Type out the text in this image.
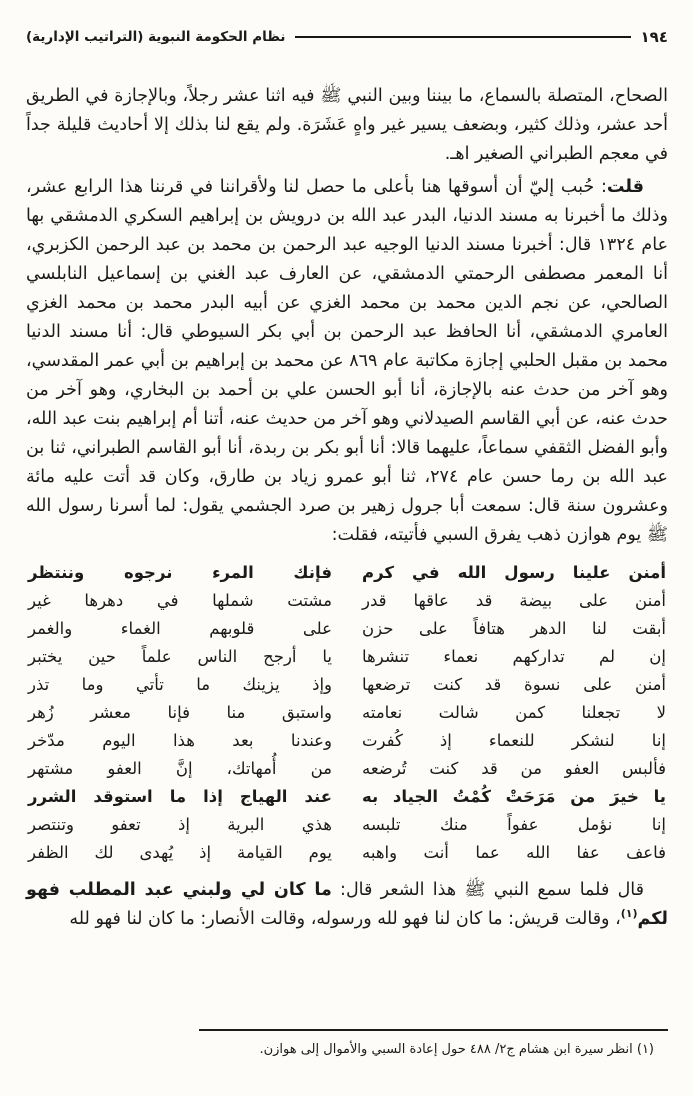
١٩٤
نظام الحكومة النبوية (التراتيب الإدارية)

الصحاح، المتصلة بالسماع، ما بيننا وبين النبي ﷺ فيه اثنا عشر رجلاً، وبالإجازة في الطريق أحد عشر، وذلك كثير، وبضعف يسير غير واهٍ عَشَرَة. ولم يقع لنا بذلك إلا أحاديث قليلة جداً في معجم الطبراني الصغير اهـ.

قلت: حُبب إليّ أن أسوقها هنا بأعلى ما حصل لنا ولأقراننا في قرننا هذا الرابع عشر، وذلك ما أخبرنا به مسند الدنيا، البدر عبد الله بن درويش بن إبراهيم السكري الدمشقي بها عام ١٣٢٤ قال: أخبرنا مسند الدنيا الوجيه عبد الرحمن بن محمد بن عبد الرحمن الكزبري، أنا المعمر مصطفى الرحمتي الدمشقي، عن العارف عبد الغني بن إسماعيل النابلسي الصالحي، عن نجم الدين محمد بن محمد الغزي عن أبيه البدر محمد بن محمد الغزي العامري الدمشقي، أنا الحافظ عبد الرحمن بن أبي بكر السيوطي قال: أنا مسند الدنيا محمد بن مقبل الحلبي إجازة مكاتبة عام ٨٦٩ عن محمد بن إبراهيم بن أبي عمر المقدسي، وهو آخر من حدث عنه بالإجازة، أنا أبو الحسن علي بن أحمد بن البخاري، وهو آخر من حدث عنه، عن أبي القاسم الصيدلاني وهو آخر من حديث عنه، أتنا أم إبراهيم بنت عبد الله، وأبو الفضل الثقفي سماعاً، عليهما قالا: أنا أبو بكر بن ربدة، أنا أبو القاسم الطبراني، ثنا بن عبد الله بن رما حسن عام ٢٧٤، ثنا أبو عمرو زياد بن طارق، وكان قد أتت عليه مائة وعشرون سنة قال: سمعت أبا جرول زهير بن صرد الجشمي يقول: لما أسرنا رسول الله ﷺ يوم هوازن ذهب يفرق السبي فأتيته، فقلت:

أمنن علينا رسول الله في كرم
فإنك المرء نرجوه وننتظر
أمنن على بيضة قد عاقها قدر
مشتت شملها في دهرها غير
أبقت لنا الدهر هتافاً على حزن
على قلوبهم الغماء والغمر
إن لم تداركهم نعماء تنشرها
يا أرجح الناس علماً حين يختبر
أمنن على نسوة قد كنت ترضعها
وإذ يزينك ما تأتي وما تذر
لا تجعلنا كمن شالت نعامته
واستبق منا فإنا معشر زُهر
إنا لنشكر للنعماء إذ كُفرت
وعندنا بعد هذا اليوم مدّخر
فألبس العفو من قد كنت تُرضعه
من أُمهاتك، إنَّ العفو مشتهر
يا خيرَ من مَرَحَتْ كُمْتُ الجياد به
عند الهياج إذا ما استوقد الشرر
إنا نؤمل عفواً منك تلبسه
هذي البرية إذ تعفو وتنتصر
فاعف عفا الله عما أنت واهبه
يوم القيامة إذ يُهدى لك الظفر

قال فلما سمع النبي ﷺ هذا الشعر قال: ما كان لي ولبني عبد المطلب فهو لكم$^{(١)}$، وقالت قريش: ما كان لنا فهو لله ورسوله، وقالت الأنصار: ما كان لنا فهو لله

(١) انظر سيرة ابن هشام ج٢/ ٤٨٨ حول إعادة السبي والأموال إلى هوازن.
